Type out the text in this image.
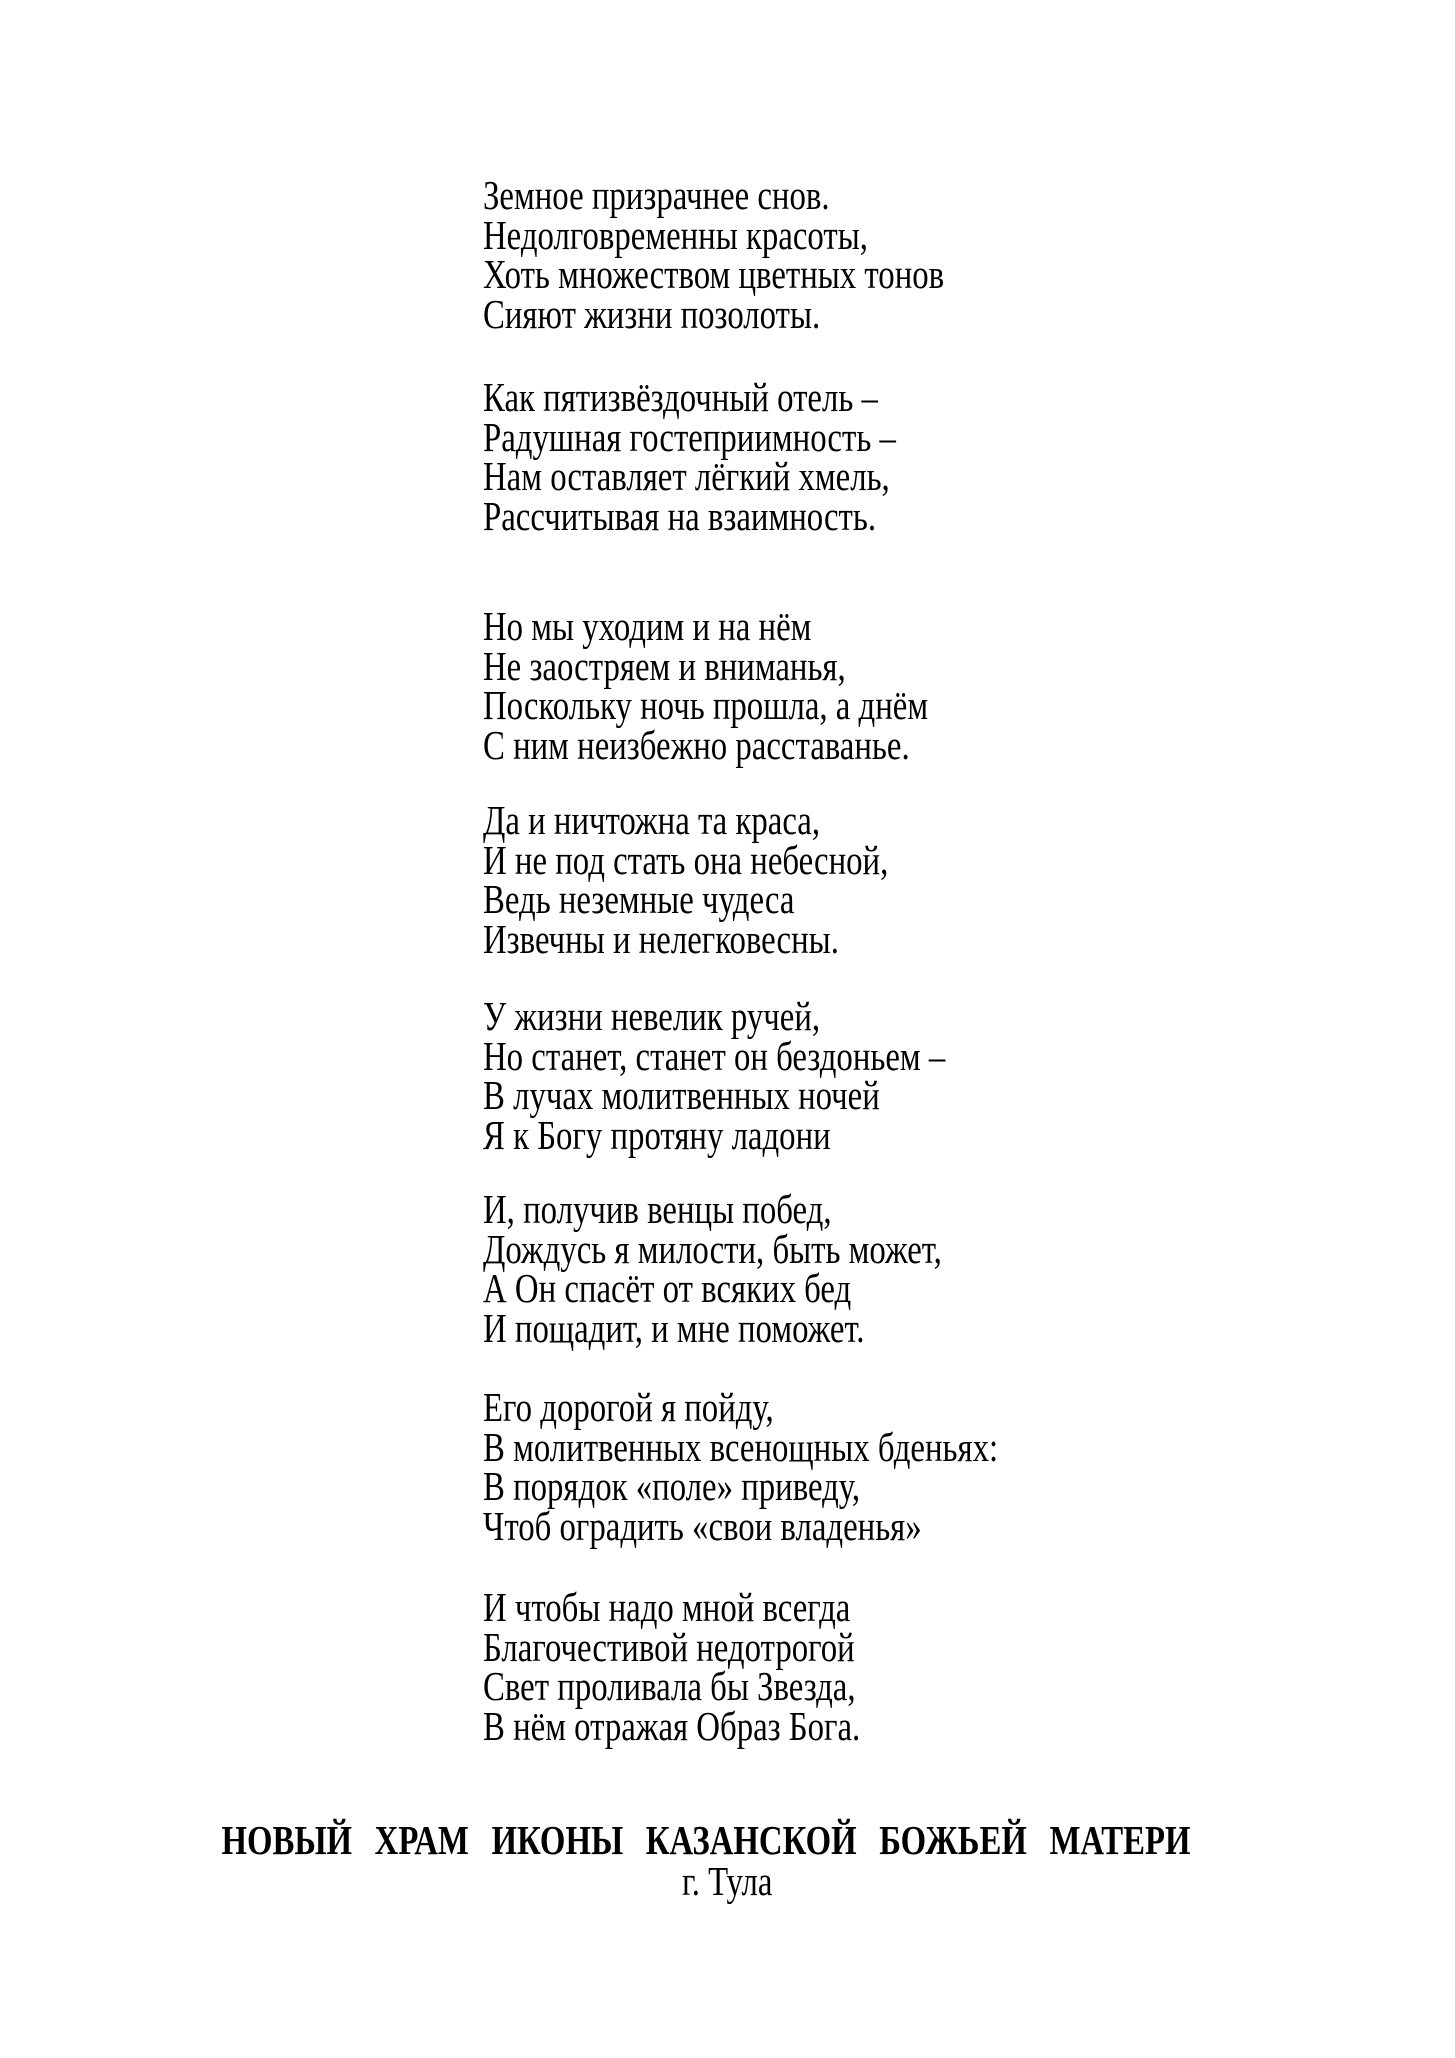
Земное призрачнее снов.
Недолговременны красоты,
Хоть множеством цветных тонов
Сияют жизни позолоты.
Как пятизвёздочный отель –
Радушная гостеприимность –
Нам оставляет лёгкий хмель,
Рассчитывая на взаимность.
Но мы уходим и на нём
Не заостряем и вниманья,
Поскольку ночь прошла, а днём
С ним неизбежно расставанье.
Да и ничтожна та краса,
И не под стать она небесной,
Ведь неземные чудеса
Извечны и нелегковесны.
У жизни невелик ручей,
Но станет, станет он бездоньем –
В лучах молитвенных ночей
Я к Богу протяну ладони
И, получив венцы побед,
Дождусь я милости, быть может,
А Он спасёт от всяких бед
И пощадит, и мне поможет.
Его дорогой я пойду,
В молитвенных всенощных бденьях:
В порядок «поле» приведу,
Чтоб оградить «свои владенья»
И чтобы надо мной всегда
Благочестивой недотрогой
Свет проливала бы Звезда,
В нём отражая Образ Бога.
НОВЫЙ ХРАМ ИКОНЫ КАЗАНСКОЙ БОЖЬЕЙ МАТЕРИ
г. Тула
